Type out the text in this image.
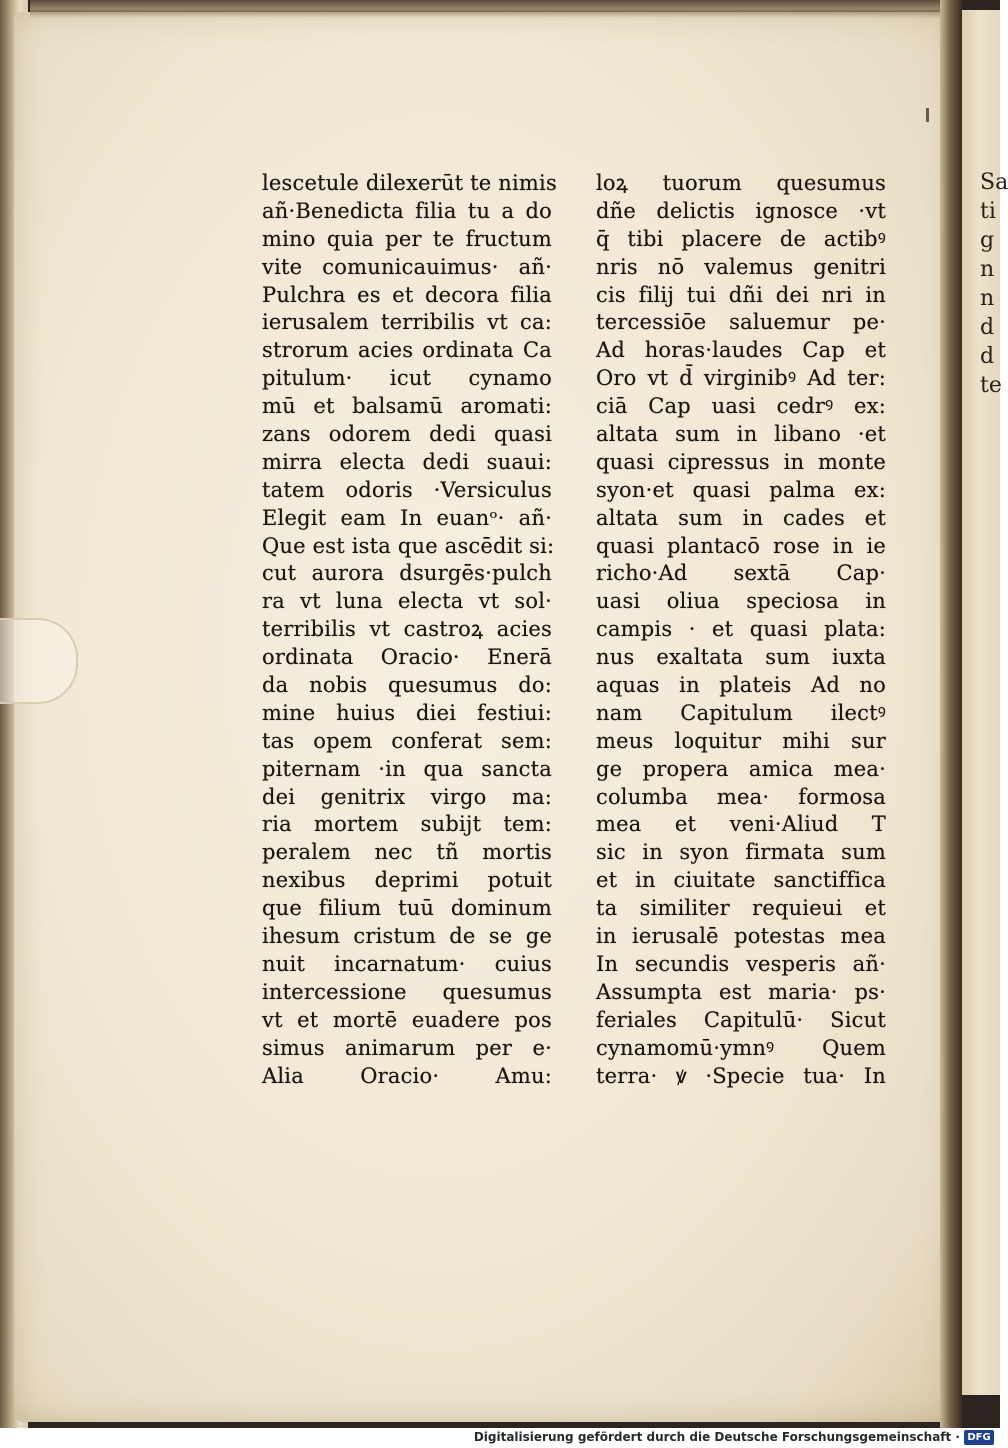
Sa
ti
g
n
n
d
d
te
lescetule dilexerūt te nimis
añ·Benedicta filia tu a do
mino quia per te fructum
vite comunicauimus· añ·
Pulchra es et decora filia
ierusalem terribilis vt ca:
strorum acies ordinata Ca
pitulum· icut cynamo
mū et balsamū aromati:
zans odorem dedi quasi
mirra electa dedi suaui:
tatem odoris ·Versiculus
Elegit eam In euanᵒ· añ·
Que est ista que ascēdit si:
cut aurora dsurgēs·pulch
ra vt luna electa vt sol·
terribilis vt castroꝝ acies
ordinata Oracio· Enerā
da nobis quesumus do:
mine huius diei festiui:
tas opem conferat sem:
piternam ·in qua sancta
dei genitrix virgo ma:
ria mortem subijt tem:
peralem nec tñ mortis
nexibus deprimi potuit
que filium tuū dominum
ihesum cristum de se ge
nuit incarnatum· cuius
intercessione quesumus
vt et mortē euadere pos
simus animarum per e·
Alia Oracio· Amu:
loꝝ tuorum quesumus
dñe delictis ignosce ·vt
q̄ tibi placere de actibꝰ
nris nō valemus genitri
cis filij tui dñi dei nri in
tercessiōe saluemur pe·
Ad horas·laudes Cap et
Oro vt d̄ virginibꝰ Ad ter:
ciā Cap uasi cedrꝰ ex:
altata sum in libano ·et
quasi cipressus in monte
syon·et quasi palma ex:
altata sum in cades et
quasi plantacō rose in ie
richo·Ad sextā Cap·
uasi oliua speciosa in
campis · et quasi plata:
nus exaltata sum iuxta
aquas in plateis Ad no
nam Capitulum ilectꝰ
meus loquitur mihi sur
ge propera amica mea·
columba mea· formosa
mea et veni·Aliud T
sic in syon firmata sum
et in ciuitate sanctiffica
ta similiter requieui et
in ierusalē potestas mea
In secundis vesperis añ·
Assumpta est maria· ps·
feriales Capitulū· Sicut
cynamomū·ymnꝰ Quem
terra· ꝟ ·Specie tua· In
Digitalisierung gefördert durch die Deutsche Forschungsgemeinschaft · DFG
